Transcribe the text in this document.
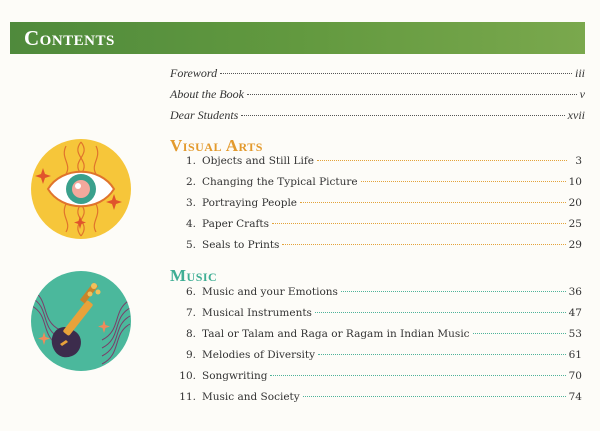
Contents
Foreword	iii
About the Book	v
Dear Students	xvii
Visual Arts
1. Objects and Still Life	3
2. Changing the Typical Picture	10
3. Portraying People	20
4. Paper Crafts	25
5. Seals to Prints	29
Music
6. Music and your Emotions	36
7. Musical Instruments	47
8. Taal or Talam and Raga or Ragam in Indian Music	53
9. Melodies of Diversity	61
10. Songwriting	70
11. Music and Society	74
